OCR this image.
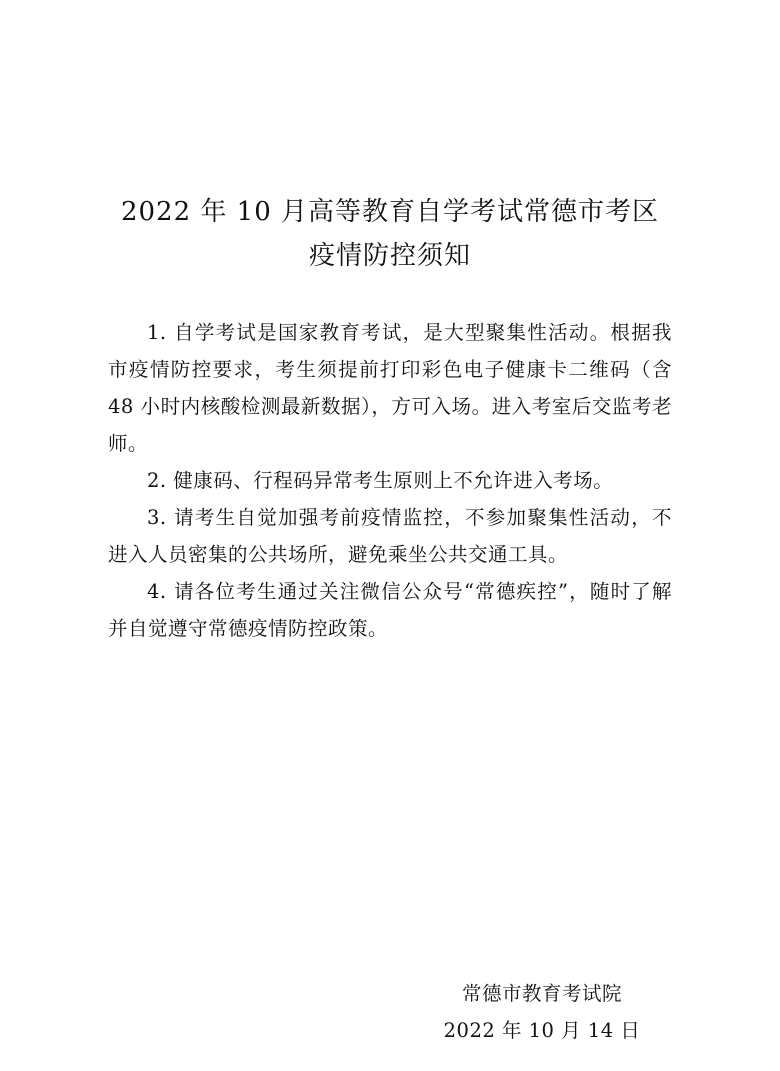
2022 年 10 月高等教育自学考试常德市考区
疫情防控须知

1. 自学考试是国家教育考试，是大型聚集性活动。根据我市疫情防控要求，考生须提前打印彩色电子健康卡二维码（含 48 小时内核酸检测最新数据），方可入场。进入考室后交监考老师。

2. 健康码、行程码异常考生原则上不允许进入考场。

3. 请考生自觉加强考前疫情监控，不参加聚集性活动，不进入人员密集的公共场所，避免乘坐公共交通工具。

4. 请各位考生通过关注微信公众号“常德疾控”，随时了解并自觉遵守常德疫情防控政策。

常德市教育考试院
2022 年 10 月 14 日
